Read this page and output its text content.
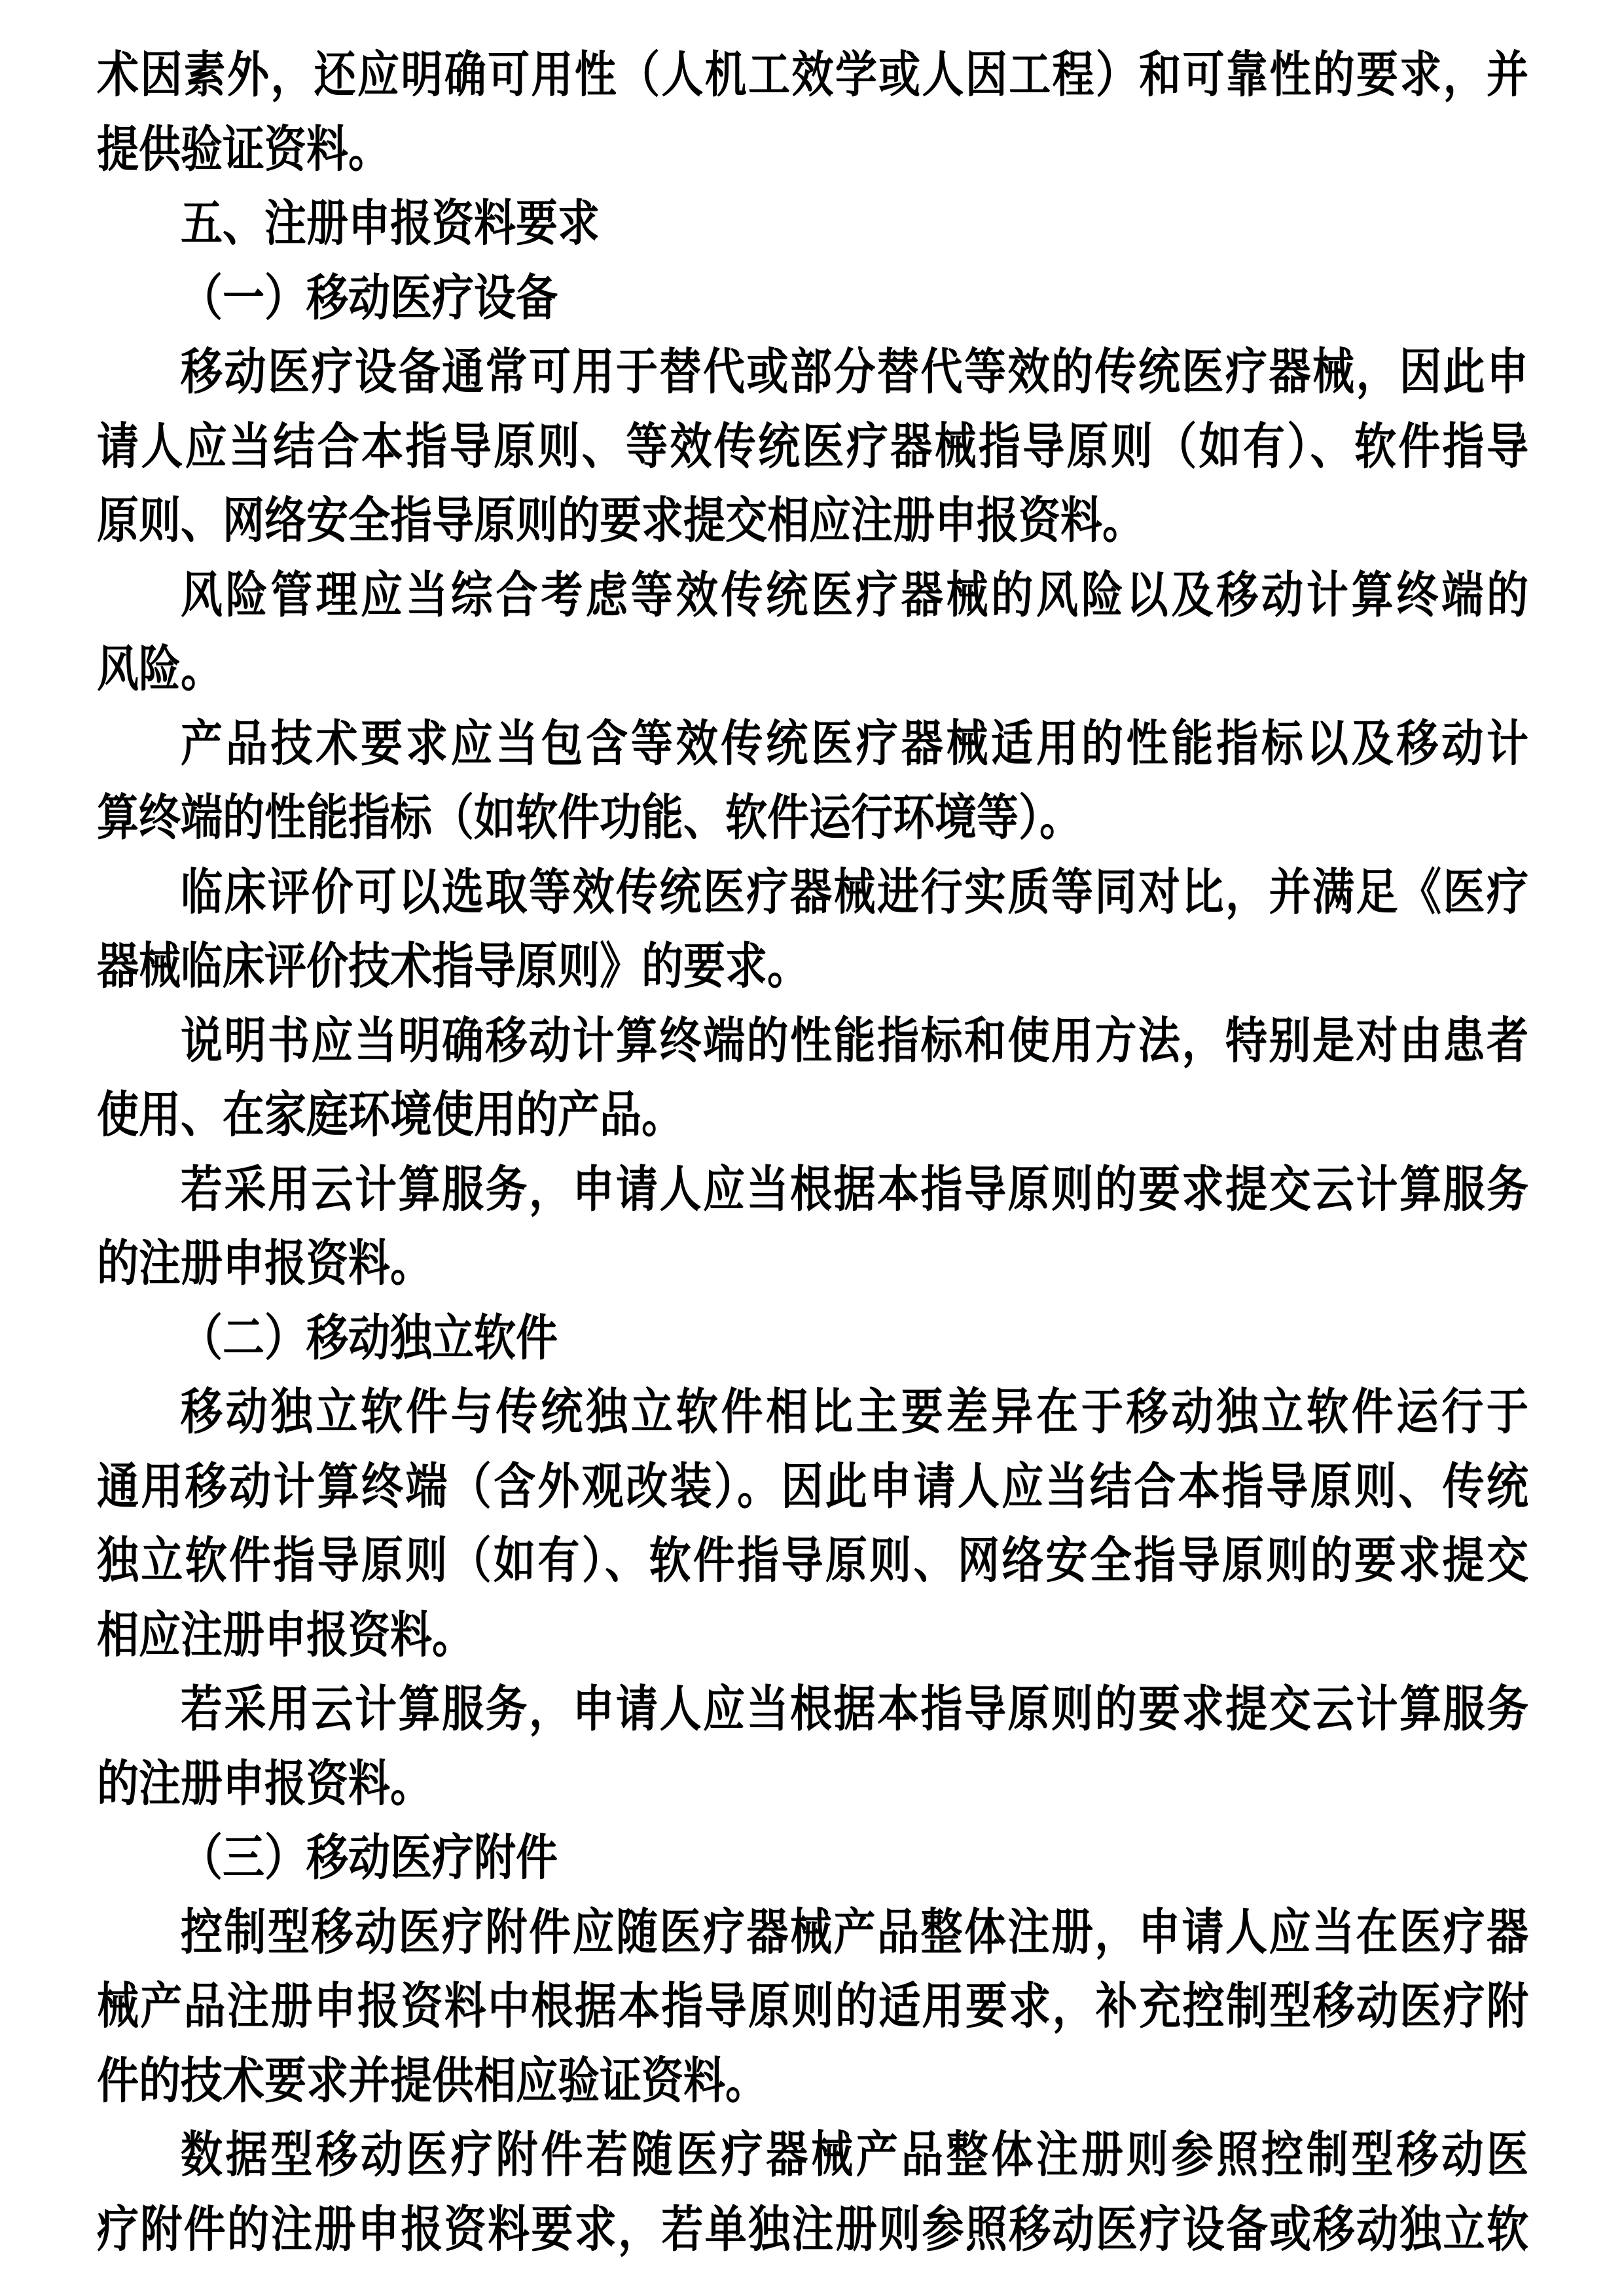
术因素外，还应明确可用性（人机工效学或人因工程）和可靠性的要求，并
提供验证资料。
五、注册申报资料要求
（一）移动医疗设备
移动医疗设备通常可用于替代或部分替代等效的传统医疗器械，因此申
请人应当结合本指导原则、等效传统医疗器械指导原则（如有）、软件指导
原则、网络安全指导原则的要求提交相应注册申报资料。
风险管理应当综合考虑等效传统医疗器械的风险以及移动计算终端的
风险。
产品技术要求应当包含等效传统医疗器械适用的性能指标以及移动计
算终端的性能指标（如软件功能、软件运行环境等）。
临床评价可以选取等效传统医疗器械进行实质等同对比，并满足《医疗
器械临床评价技术指导原则》的要求。
说明书应当明确移动计算终端的性能指标和使用方法，特别是对由患者
使用、在家庭环境使用的产品。
若采用云计算服务，申请人应当根据本指导原则的要求提交云计算服务
的注册申报资料。
（二）移动独立软件
移动独立软件与传统独立软件相比主要差异在于移动独立软件运行于
通用移动计算终端（含外观改装）。因此申请人应当结合本指导原则、传统
独立软件指导原则（如有）、软件指导原则、网络安全指导原则的要求提交
相应注册申报资料。
若采用云计算服务，申请人应当根据本指导原则的要求提交云计算服务
的注册申报资料。
（三）移动医疗附件
控制型移动医疗附件应随医疗器械产品整体注册，申请人应当在医疗器
械产品注册申报资料中根据本指导原则的适用要求，补充控制型移动医疗附
件的技术要求并提供相应验证资料。
数据型移动医疗附件若随医疗器械产品整体注册则参照控制型移动医
疗附件的注册申报资料要求，若单独注册则参照移动医疗设备或移动独立软
